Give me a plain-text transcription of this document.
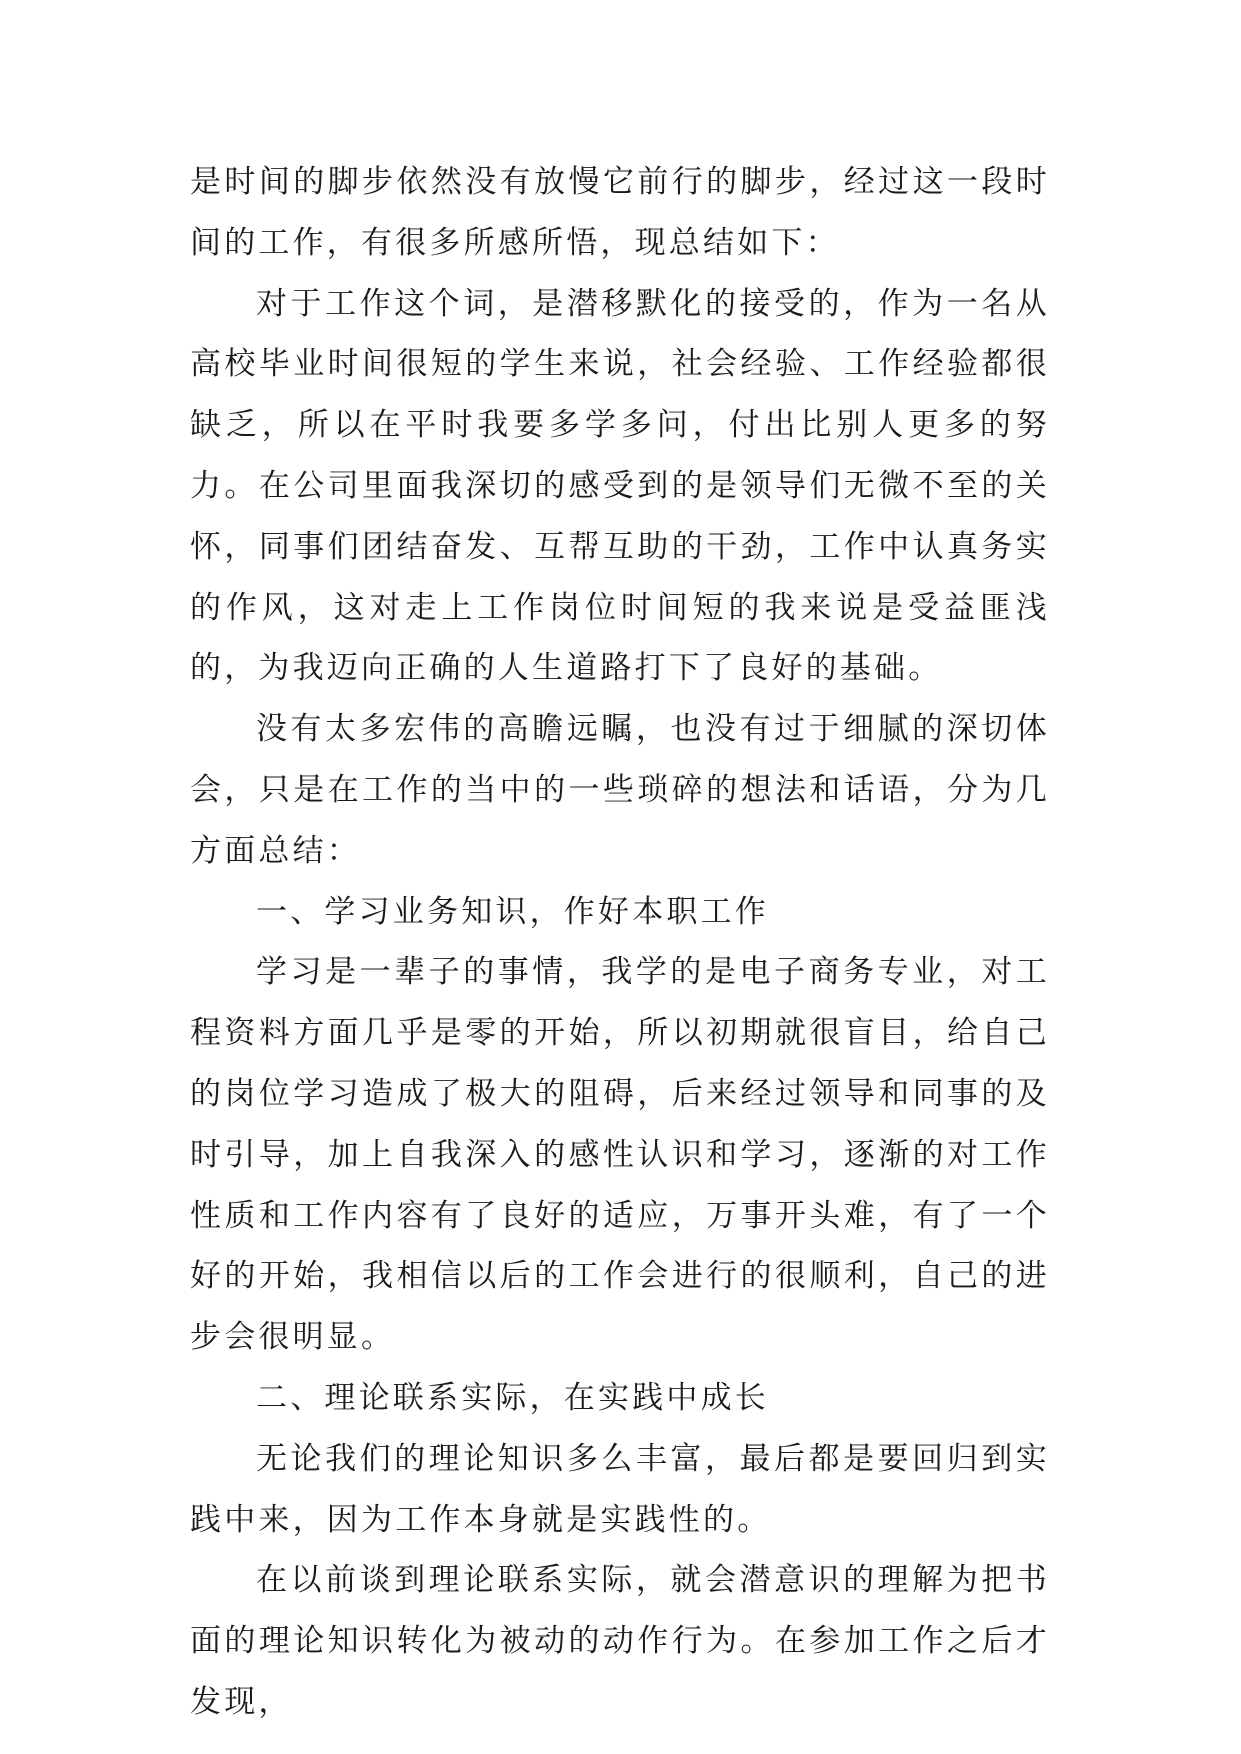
是时间的脚步依然没有放慢它前行的脚步，经过这一段时间的工作，有很多所感所悟，现总结如下：

对于工作这个词，是潜移默化的接受的，作为一名从高校毕业时间很短的学生来说，社会经验、工作经验都很缺乏，所以在平时我要多学多问，付出比别人更多的努力。在公司里面我深切的感受到的是领导们无微不至的关怀，同事们团结奋发、互帮互助的干劲，工作中认真务实的作风，这对走上工作岗位时间短的我来说是受益匪浅的，为我迈向正确的人生道路打下了良好的基础。

没有太多宏伟的高瞻远瞩，也没有过于细腻的深切体会，只是在工作的当中的一些琐碎的想法和话语，分为几方面总结：

一、学习业务知识，作好本职工作

学习是一辈子的事情，我学的是电子商务专业，对工程资料方面几乎是零的开始，所以初期就很盲目，给自己的岗位学习造成了极大的阻碍，后来经过领导和同事的及时引导，加上自我深入的感性认识和学习，逐渐的对工作性质和工作内容有了良好的适应，万事开头难，有了一个好的开始，我相信以后的工作会进行的很顺利，自己的进步会很明显。

二、理论联系实际，在实践中成长

无论我们的理论知识多么丰富，最后都是要回归到实践中来，因为工作本身就是实践性的。

在以前谈到理论联系实际，就会潜意识的理解为把书面的理论知识转化为被动的动作行为。在参加工作之后才发现，
